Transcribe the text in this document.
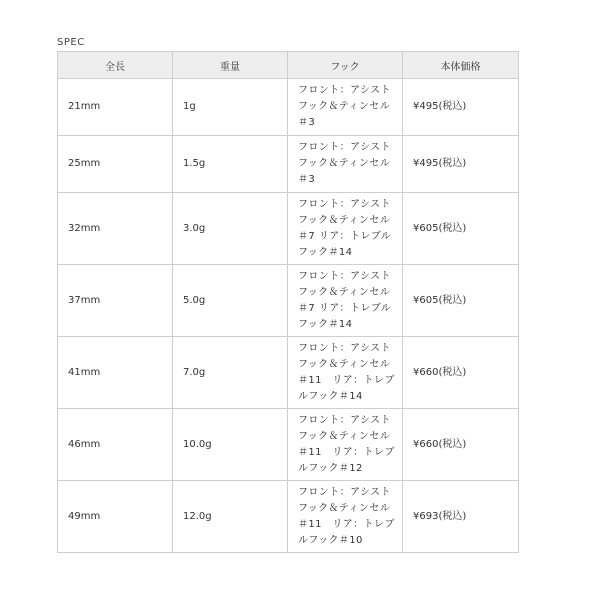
SPEC
全長	重量	フック	本体価格
21mm	1g	フロント：アシストフック＆ティンセル＃3	¥495(税込)
25mm	1.5g	フロント：アシストフック＆ティンセル＃3	¥495(税込)
32mm	3.0g	フロント：アシストフック＆ティンセル＃7 リア：トレブルフック＃14	¥605(税込)
37mm	5.0g	フロント：アシストフック＆ティンセル＃7 リア：トレブルフック＃14	¥605(税込)
41mm	7.0g	フロント：アシストフック＆ティンセル＃11　リア：トレブルフック＃14	¥660(税込)
46mm	10.0g	フロント：アシストフック＆ティンセル＃11　リア：トレブルフック＃12	¥660(税込)
49mm	12.0g	フロント：アシストフック＆ティンセル＃11　リア：トレブルフック＃10	¥693(税込)
